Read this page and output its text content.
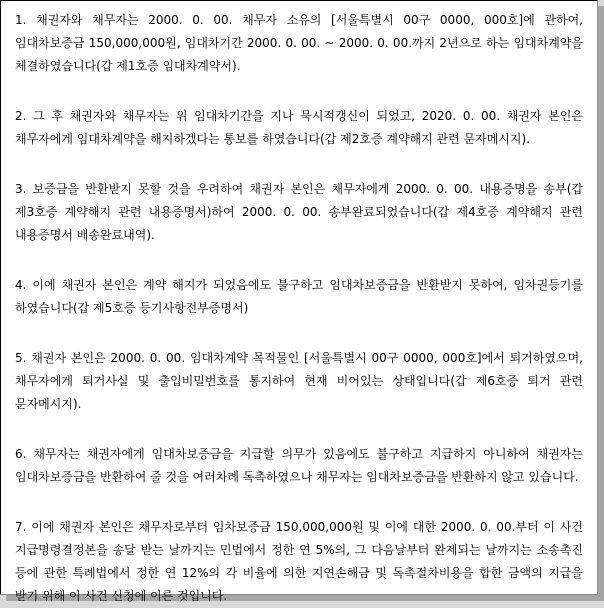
1. 채권자와 채무자는 2000. 0. 00. 채무자 소유의 [서울특별시 00구 0000, 000호]에 관하여, 임대차보증금 150,000,000원, 임대차기간 2000. 0. 00. ~ 2000. 0. 00.까지 2년으로 하는 임대차계약을 체결하였습니다(갑 제1호증 임대차계약서).

2. 그 후 채권자와 채무자는 위 임대차기간을 지나 묵시적갱신이 되었고, 2020. 0. 00. 채권자 본인은 채무자에게 임대차계약을 해지하겠다는 통보를 하였습니다(갑 제2호증 계약해지 관련 문자메시지).

3. 보증금을 반환받지 못할 것을 우려하여 채권자 본인은 채무자에게 2000. 0. 00. 내용증명을 송부(갑 제3호증 계약해지 관련 내용증명서)하여 2000. 0. 00. 송부완료되었습니다(갑 제4호증 계약해지 관련 내용증명서 배송완료내역).

4. 이에 채권자 본인은 계약 해지가 되었음에도 불구하고 임대차보증금을 반환받지 못하여, 임차권등기를 하였습니다(갑 제5호증 등기사항전부증명서)

5. 채권자 본인은 2000. 0. 00. 임대차계약 목적물인 [서울특별시 00구 0000, 000호]에서 퇴거하였으며, 채무자에게 퇴거사실 및 출입비밀번호를 통지하여 현재 비어있는 상태입니다(갑 제6호증 퇴거 관련 문자메시지).

6. 채무자는 채권자에게 임대차보증금을 지급할 의무가 있음에도 불구하고 지급하지 아니하여 채권자는 임대차보증금을 반환하여 줄 것을 여러차례 독촉하였으나 채무자는 임대차보증금을 반환하지 않고 있습니다.

7. 이에 채권자 본인은 채무자로부터 임차보증금 150,000,000원 및 이에 대한 2000. 0. 00.부터 이 사건 지급명령결정본을 송달 받는 날까지는 민법에서 정한 연 5%의, 그 다음날부터 완제되는 날까지는 소송촉진 등에 관한 특례법에서 정한 연 12%의 각 비율에 의한 지연손해금 및 독촉절차비용을 합한 금액의 지급을 받기 위해 이 사건 신청에 이른 것입니다.
